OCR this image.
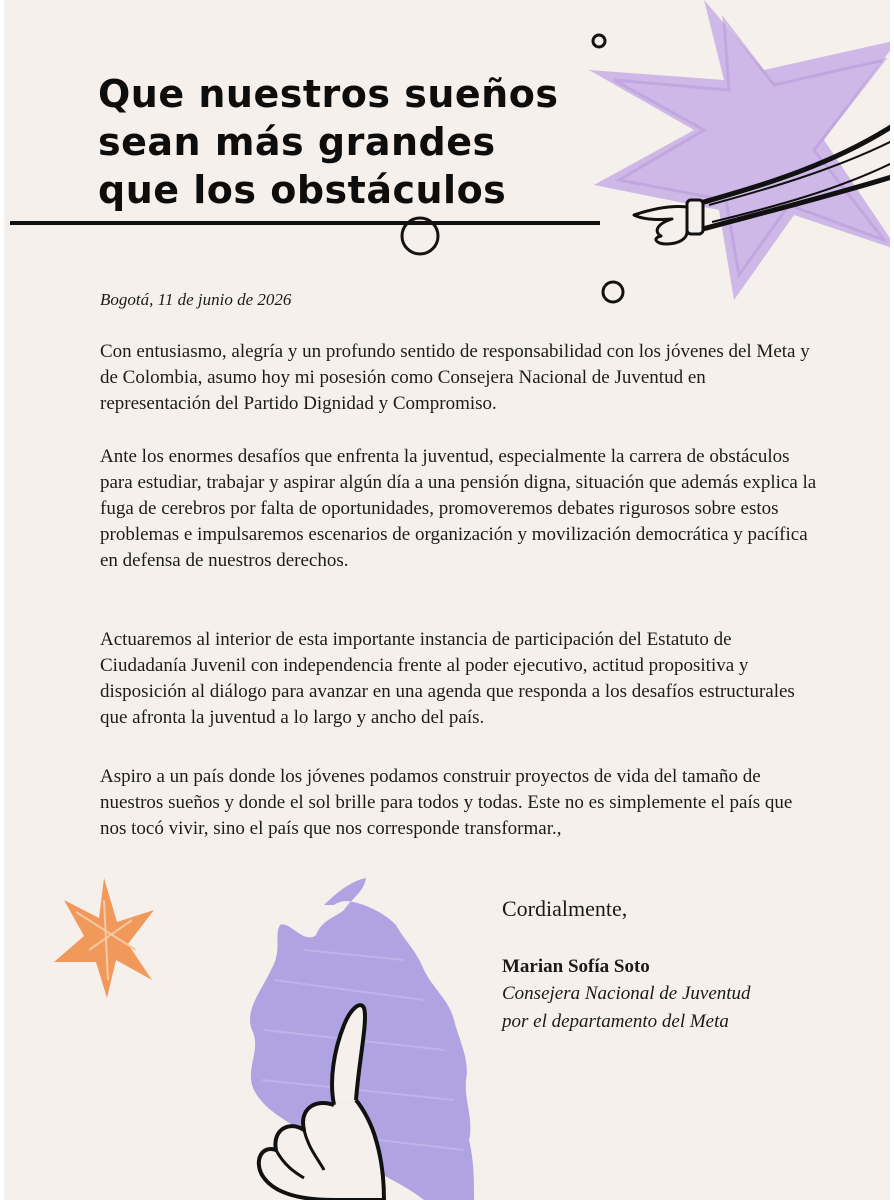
Que nuestros sueños
sean más grandes
que los obstáculos

Bogotá, 11 de junio de 2026

Con entusiasmo, alegría y un profundo sentido de responsabilidad con los jóvenes del Meta y de Colombia, asumo hoy mi posesión como Consejera Nacional de Juventud en representación del Partido Dignidad y Compromiso.

Ante los enormes desafíos que enfrenta la juventud, especialmente la carrera de obstáculos para estudiar, trabajar y aspirar algún día a una pensión digna, situación que además explica la fuga de cerebros por falta de oportunidades, promoveremos debates rigurosos sobre estos problemas e impulsaremos escenarios de organización y movilización democrática y pacífica en defensa de nuestros derechos.

Actuaremos al interior de esta importante instancia de participación del Estatuto de Ciudadanía Juvenil con independencia frente al poder ejecutivo, actitud propositiva y disposición al diálogo para avanzar en una agenda que responda a los desafíos estructurales que afronta la juventud a lo largo y ancho del país.

Aspiro a un país donde los jóvenes podamos construir proyectos de vida del tamaño de nuestros sueños y donde el sol brille para todos y todas. Este no es simplemente el país que nos tocó vivir, sino el país que nos corresponde transformar.,

Cordialmente,

Marian Sofía Soto

Consejera Nacional de Juventud

por el departamento del Meta
